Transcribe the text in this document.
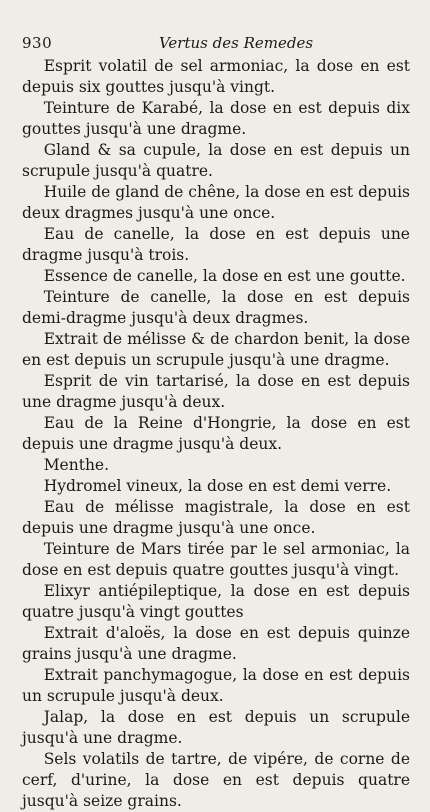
930	Vertus des Remedes

Esprit volatil de sel armoniac, la dose en est depuis six gouttes jusqu'à vingt.

Teinture de Karabé, la dose en est depuis dix gouttes jusqu'à une dragme.

Gland & sa cupule, la dose en est depuis un scrupule jusqu'à quatre.

Huile de gland de chêne, la dose en est depuis deux dragmes jusqu'à une once.

Eau de canelle, la dose en est depuis une dragme jusqu'à trois.

Essence de canelle, la dose en est une goutte.

Teinture de canelle, la dose en est depuis demi-dragme jusqu'à deux dragmes.

Extrait de mélisse & de chardon benit, la dose en est depuis un scrupule jusqu'à une dragme.

Esprit de vin tartarisé, la dose en est depuis une dragme jusqu'à deux.

Eau de la Reine d'Hongrie, la dose en est depuis une dragme jusqu'à deux.

Menthe.

Hydromel vineux, la dose en est demi verre.

Eau de mélisse magistrale, la dose en est depuis une dragme jusqu'à une once.

Teinture de Mars tirée par le sel armoniac, la dose en est depuis quatre gouttes jusqu'à vingt.

Elixyr antiépileptique, la dose en est depuis quatre jusqu'à vingt gouttes

Extrait d'aloës, la dose en est depuis quinze grains jusqu'à une dragme.

Extrait panchymagogue, la dose en est depuis un scrupule jusqu'à deux.

Jalap, la dose en est depuis un scrupule jusqu'à une dragme.

Sels volatils de tartre, de vipére, de corne de cerf, d'urine, la dose en est depuis quatre jusqu'à seize grains.
